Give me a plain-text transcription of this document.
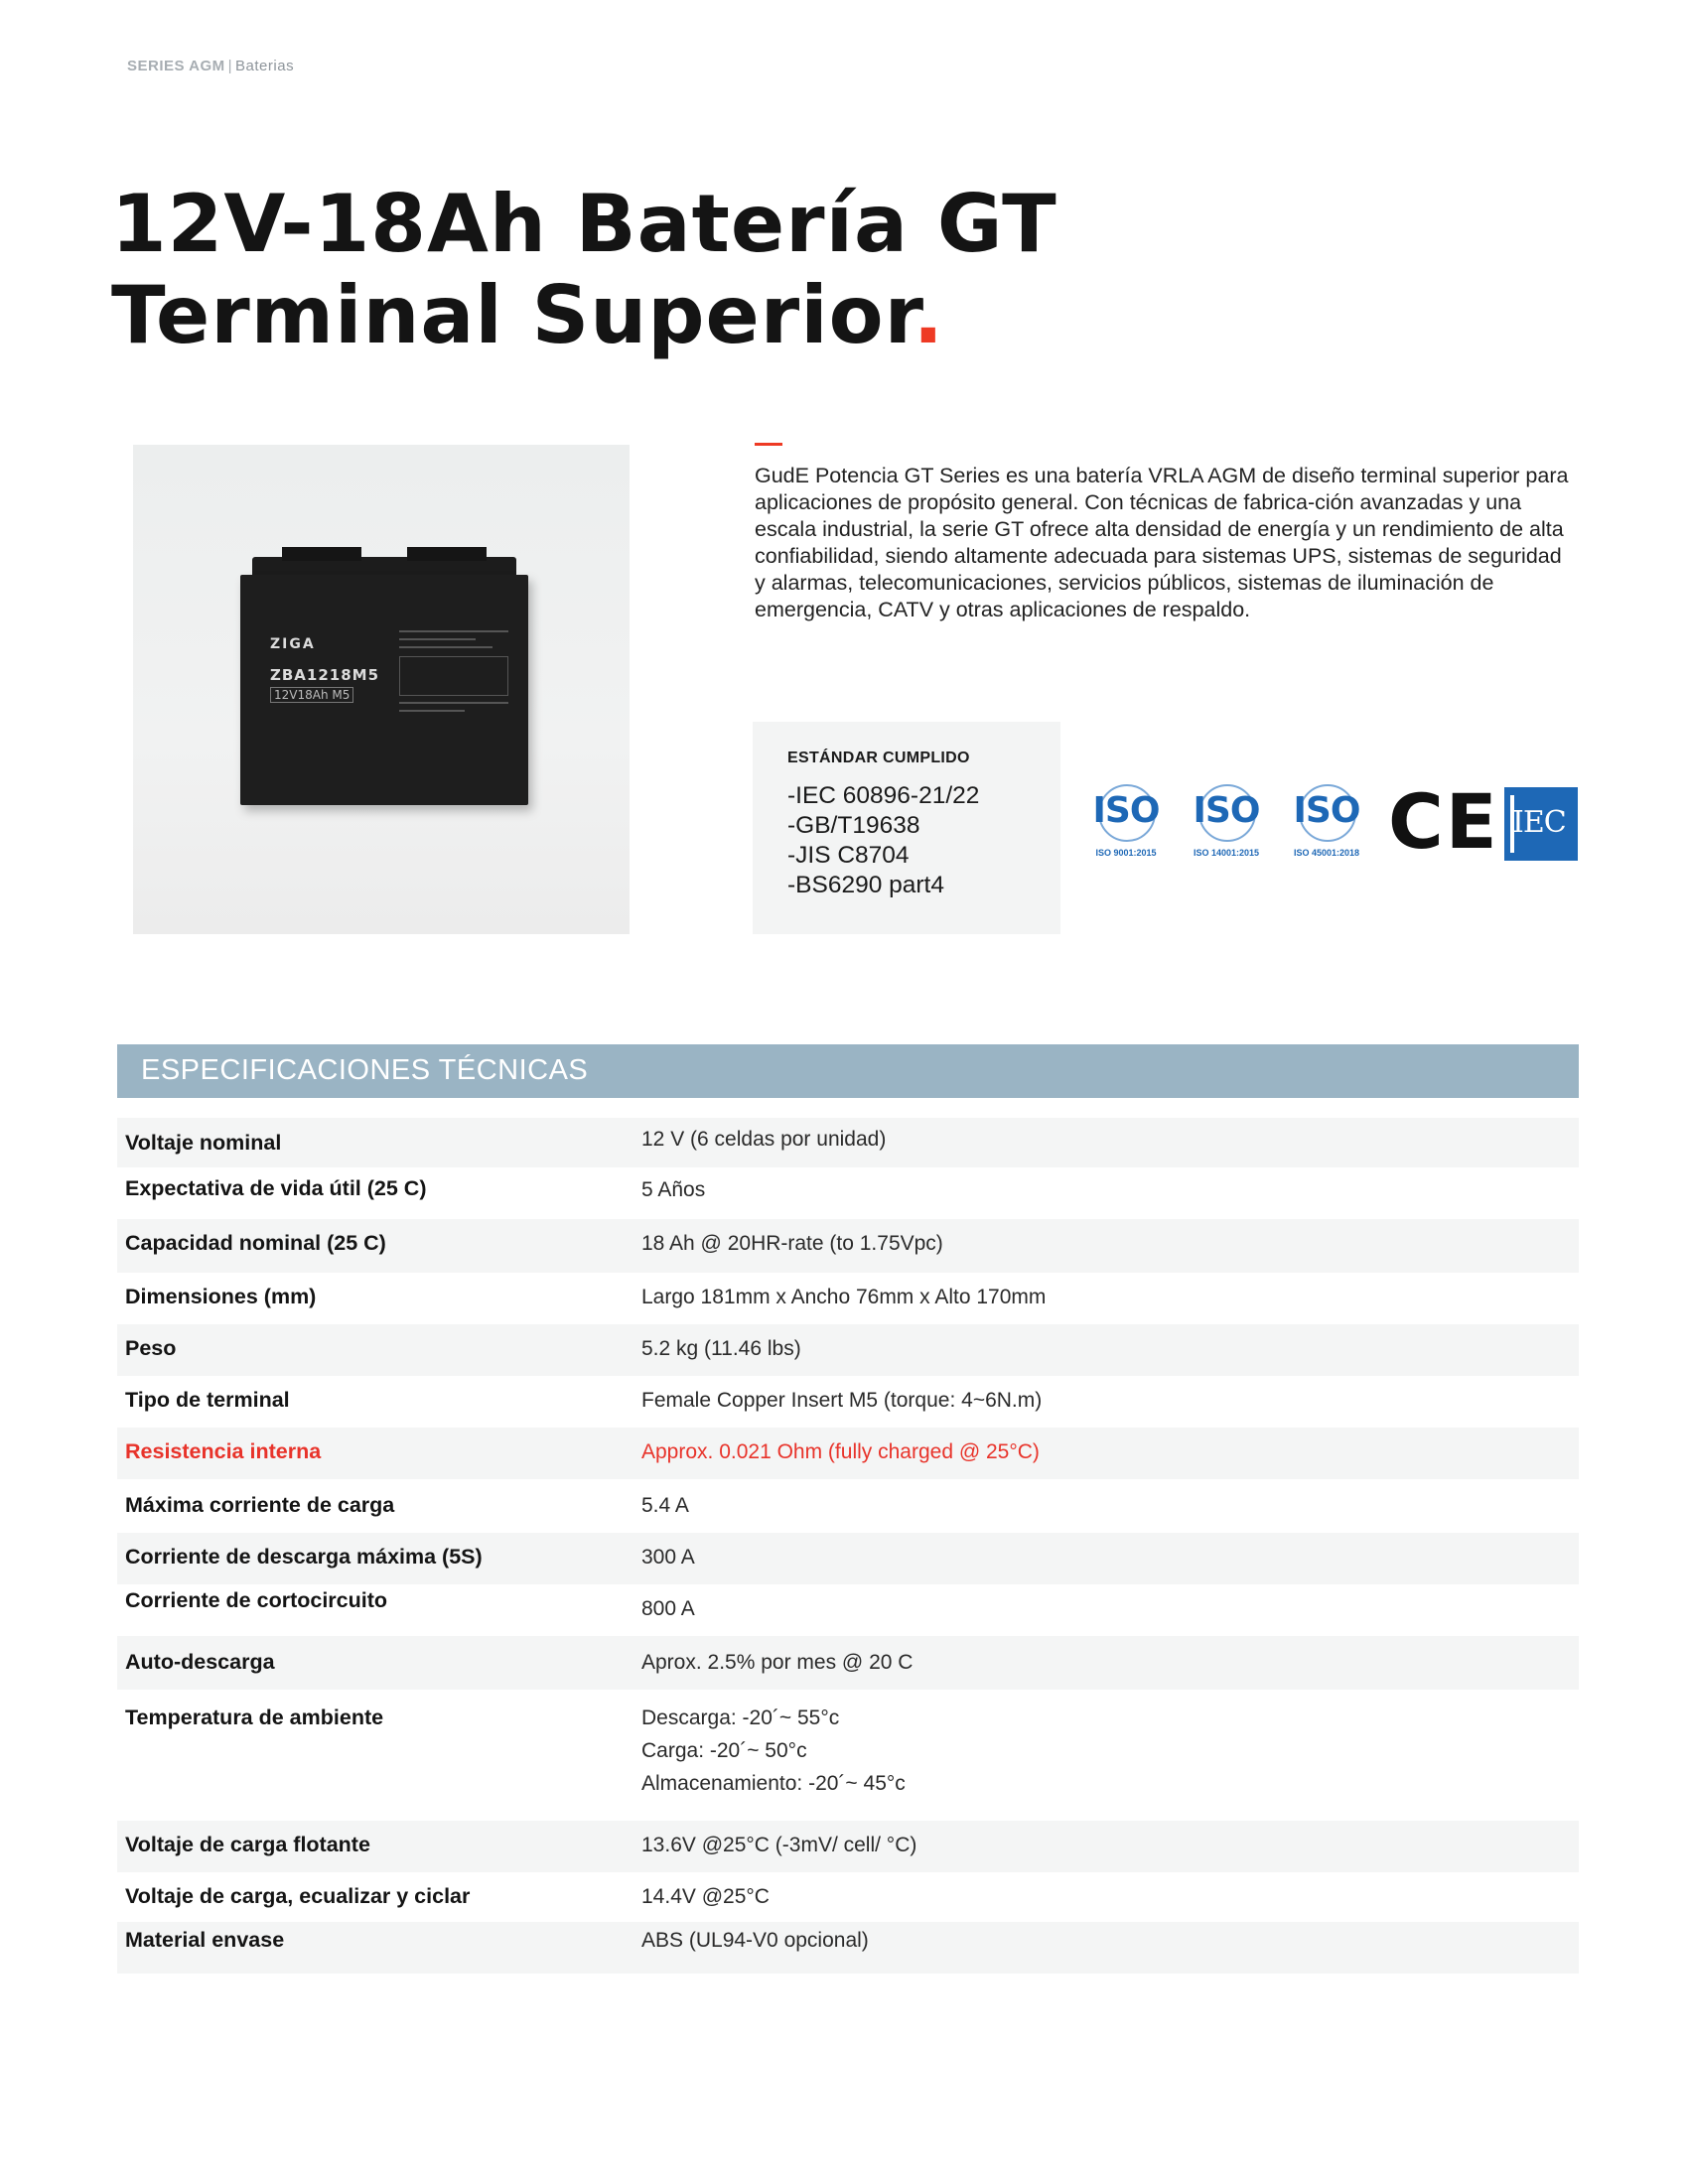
SERIES AGM | Baterias
12V-18Ah Batería GT
Terminal Superior.
ZIGA
ZBA1218M5
12V18Ah M5
GudE Potencia GT Series es una batería VRLA AGM de diseño terminal superior para aplicaciones de propósito general. Con técnicas de fabrica-ción avanzadas y una escala industrial, la serie GT ofrece alta densidad de energía y un rendimiento de alta confiabilidad, siendo altamente adecuada para sistemas UPS, sistemas de seguridad y alarmas, telecomunicaciones, servicios públicos, sistemas de iluminación de emergencia, CATV y otras aplicaciones de respaldo.
ESTÁNDAR CUMPLIDO
-IEC 60896-21/22
-GB/T19638
-JIS C8704
-BS6290 part4
ISO
ISO 9001:2015
ISO
ISO 14001:2015
ISO
ISO 45001:2018 CE IEC
ESPECIFICACIONES TÉCNICAS
Voltaje nominal	12 V (6 celdas por unidad)
Expectativa de vida útil (25 C)	5 Años
Capacidad nominal (25 C)	18 Ah @ 20HR-rate (to 1.75Vpc)
Dimensiones (mm)	Largo 181mm x Ancho 76mm x Alto 170mm
Peso	5.2 kg (11.46 lbs)
Tipo de terminal	Female Copper Insert M5 (torque: 4~6N.m)
Resistencia interna	Approx. 0.021 Ohm (fully charged @ 25°C)
Máxima corriente de carga	5.4 A
Corriente de descarga máxima (5S)	300 A
Corriente de cortocircuito	800 A
Auto-descarga	Aprox. 2.5% por mes @ 20 C
Temperatura de ambiente	Descarga: -20´~ 55°c
Carga: -20´~ 50°c
Almacenamiento: -20´~ 45°c
Voltaje de carga flotante	13.6V @25°C (-3mV/ cell/ °C)
Voltaje de carga, ecualizar y ciclar	14.4V @25°C
Material envase	ABS (UL94-V0 opcional)
